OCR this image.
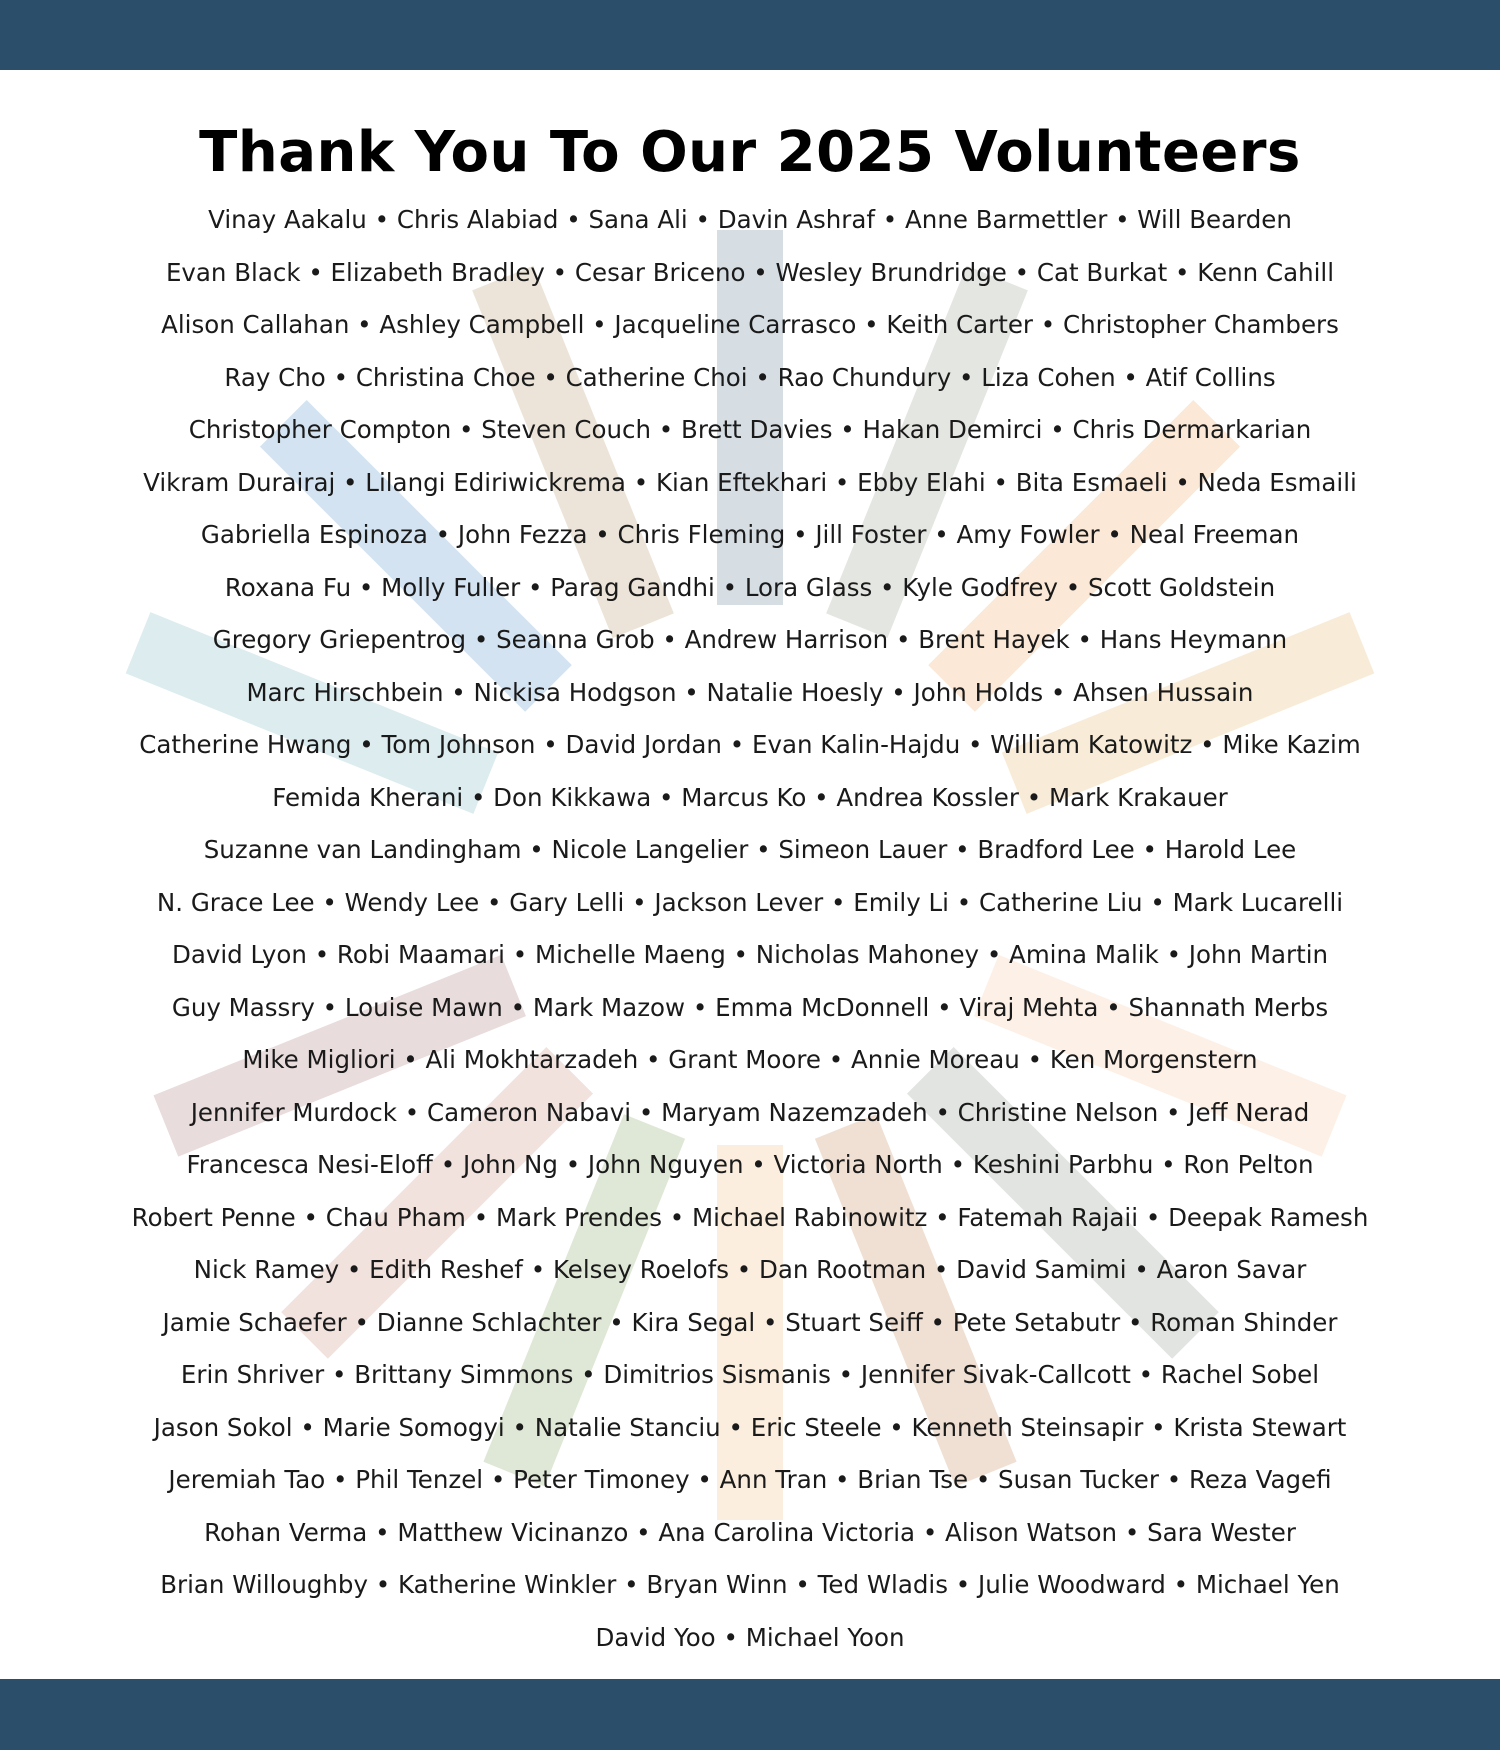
Thank You To Our 2025 Volunteers
Vinay Aakalu • Chris Alabiad • Sana Ali • Davin Ashraf • Anne Barmettler • Will Bearden
Evan Black • Elizabeth Bradley • Cesar Briceno • Wesley Brundridge • Cat Burkat • Kenn Cahill
Alison Callahan • Ashley Campbell • Jacqueline Carrasco • Keith Carter • Christopher Chambers
Ray Cho • Christina Choe • Catherine Choi • Rao Chundury • Liza Cohen • Atif Collins
Christopher Compton • Steven Couch • Brett Davies • Hakan Demirci • Chris Dermarkarian
Vikram Durairaj • Lilangi Ediriwickrema • Kian Eftekhari • Ebby Elahi • Bita Esmaeli • Neda Esmaili
Gabriella Espinoza • John Fezza • Chris Fleming • Jill Foster • Amy Fowler • Neal Freeman
Roxana Fu • Molly Fuller • Parag Gandhi • Lora Glass • Kyle Godfrey • Scott Goldstein
Gregory Griepentrog • Seanna Grob • Andrew Harrison • Brent Hayek • Hans Heymann
Marc Hirschbein • Nickisa Hodgson • Natalie Hoesly • John Holds • Ahsen Hussain
Catherine Hwang • Tom Johnson • David Jordan • Evan Kalin-Hajdu • William Katowitz • Mike Kazim
Femida Kherani • Don Kikkawa • Marcus Ko • Andrea Kossler • Mark Krakauer
Suzanne van Landingham • Nicole Langelier • Simeon Lauer • Bradford Lee • Harold Lee
N. Grace Lee • Wendy Lee • Gary Lelli • Jackson Lever • Emily Li • Catherine Liu • Mark Lucarelli
David Lyon • Robi Maamari • Michelle Maeng • Nicholas Mahoney • Amina Malik • John Martin
Guy Massry • Louise Mawn • Mark Mazow • Emma McDonnell • Viraj Mehta • Shannath Merbs
Mike Migliori • Ali Mokhtarzadeh • Grant Moore • Annie Moreau • Ken Morgenstern
Jennifer Murdock • Cameron Nabavi • Maryam Nazemzadeh • Christine Nelson • Jeff Nerad
Francesca Nesi-Eloff • John Ng • John Nguyen • Victoria North • Keshini Parbhu • Ron Pelton
Robert Penne • Chau Pham • Mark Prendes • Michael Rabinowitz • Fatemah Rajaii • Deepak Ramesh
Nick Ramey • Edith Reshef • Kelsey Roelofs • Dan Rootman • David Samimi • Aaron Savar
Jamie Schaefer • Dianne Schlachter • Kira Segal • Stuart Seiff • Pete Setabutr • Roman Shinder
Erin Shriver • Brittany Simmons • Dimitrios Sismanis • Jennifer Sivak-Callcott • Rachel Sobel
Jason Sokol • Marie Somogyi • Natalie Stanciu • Eric Steele • Kenneth Steinsapir • Krista Stewart
Jeremiah Tao • Phil Tenzel • Peter Timoney • Ann Tran • Brian Tse • Susan Tucker • Reza Vagefi
Rohan Verma • Matthew Vicinanzo • Ana Carolina Victoria • Alison Watson • Sara Wester
Brian Willoughby • Katherine Winkler • Bryan Winn • Ted Wladis • Julie Woodward • Michael Yen
David Yoo • Michael Yoon
